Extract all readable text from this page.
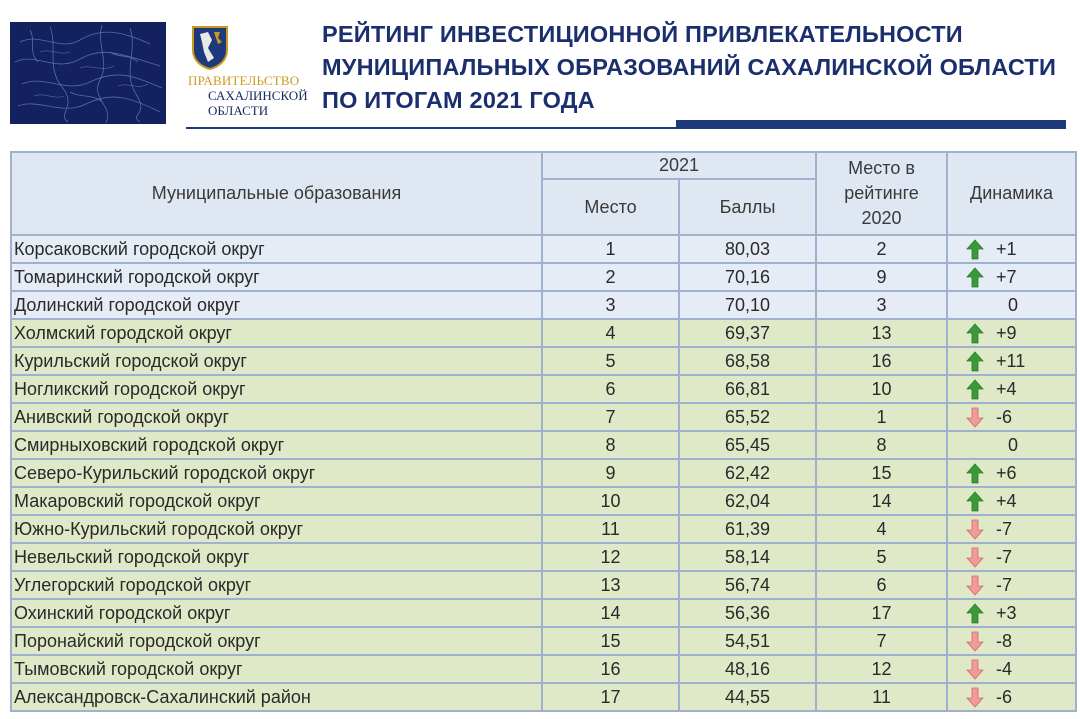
ПРАВИТЕЛЬСТВО
САХАЛИНСКОЙ
ОБЛАСТИ
РЕЙТИНГ ИНВЕСТИЦИОННОЙ ПРИВЛЕКАТЕЛЬНОСТИ
МУНИЦИПАЛЬНЫХ ОБРАЗОВАНИЙ САХАЛИНСКОЙ ОБЛАСТИ
ПО ИТОГАМ 2021 ГОДА
Муниципальные образования	2021		Место в
рейтинге
2020	Динамика
	Место	Баллы		
Корсаковский городской округ	1	80,03	2	+1

Томаринский городской округ	2	70,16	9	+7

Долинский городской округ	3	70,10	3	0

Холмский городской округ	4	69,37	13	+9

Курильский городской округ	5	68,58	16	+11

Ногликский городской округ	6	66,81	10	+4

Анивский городской округ	7	65,52	1	-6

Смирныховский городской округ	8	65,45	8	0

Северо-Курильский городской округ	9	62,42	15	+6

Макаровский городской округ	10	62,04	14	+4

Южно-Курильский городской округ	11	61,39	4	-7

Невельский городской округ	12	58,14	5	-7

Углегорский городской округ	13	56,74	6	-7

Охинский городской округ	14	56,36	17	+3

Поронайский городской округ	15	54,51	7	-8

Тымовский городской округ	16	48,16	12	-4

Александровск-Сахалинский район	17	44,55	11	-6
